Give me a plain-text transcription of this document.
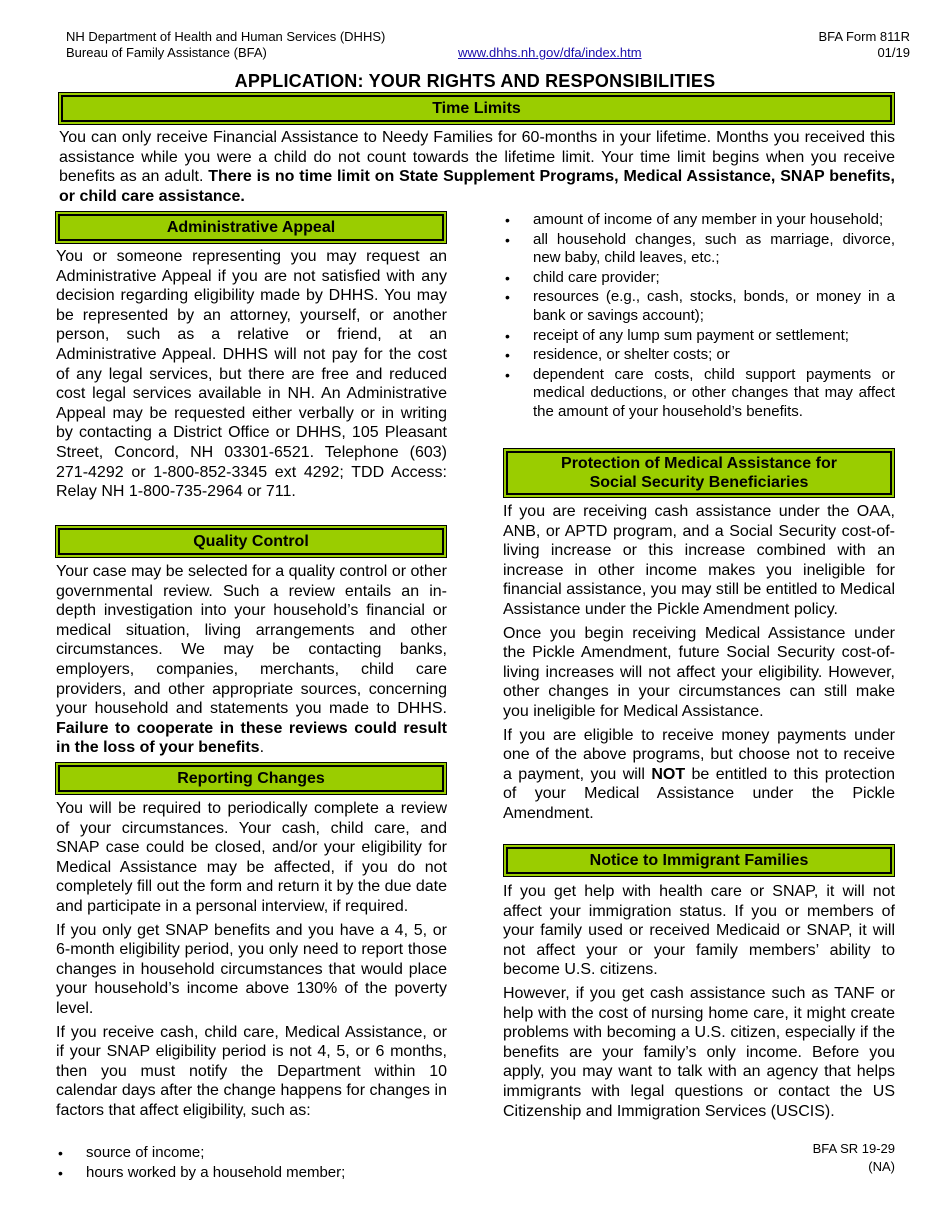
NH Department of Health and Human Services (DHHS)
Bureau of Family Assistance (BFA)	www.dhhs.nh.gov/dfa/index.htm
BFA Form 811R
01/19
APPLICATION: YOUR RIGHTS AND RESPONSIBILITIES
Time Limits
You can only receive Financial Assistance to Needy Families for 60-months in your lifetime. Months you received this assistance while you were a child do not count towards the lifetime limit. Your time limit begins when you receive benefits as an adult. There is no time limit on State Supplement Programs, Medical Assistance, SNAP benefits, or child care assistance.
Administrative Appeal

You or someone representing you may request an Administrative Appeal if you are not satisfied with any decision regarding eligibility made by DHHS. You may be represented by an attorney, yourself, or another person, such as a relative or friend, at an Administrative Appeal. DHHS will not pay for the cost of any legal services, but there are free and reduced cost legal services available in NH. An Administrative Appeal may be requested either verbally or in writing by contacting a District Office or DHHS, 105 Pleasant Street, Concord, NH 03301-6521. Telephone (603) 271-4292 or 1-800-852-3345 ext 4292; TDD Access: Relay NH 1-800-735-2964 or 711.

Quality Control
Your case may be selected for a quality control or other governmental review. Such a review entails an in-depth investigation into your household’s financial or medical situation, living arrangements and other circumstances. We may be contacting banks, employers, companies, merchants, child care providers, and other appropriate sources, concerning your household and statements you made to DHHS. Failure to cooperate in these reviews could result in the loss of your benefits.
Reporting Changes

You will be required to periodically complete a review of your circumstances. Your cash, child care, and SNAP case could be closed, and/or your eligibility for Medical Assistance may be affected, if you do not completely fill out the form and return it by the due date and participate in a personal interview, if required.

If you only get SNAP benefits and you have a 4, 5, or 6-month eligibility period, you only need to report those changes in household circumstances that would place your household’s income above 130% of the poverty level.

If you receive cash, child care, Medical Assistance, or if your SNAP eligibility period is not 4, 5, or 6 months, then you must notify the Department within 10 calendar days after the change happens for changes in factors that affect eligibility, such as:

• source of income;
• hours worked by a household member;
• amount of income of any member in your household;
• all household changes, such as marriage, divorce, new baby, child leaves, etc.;
• child care provider;
• resources (e.g., cash, stocks, bonds, or money in a bank or savings account);
• receipt of any lump sum payment or settlement;
• residence, or shelter costs; or
• dependent care costs, child support payments or medical deductions, or other changes that may affect the amount of your household’s benefits.
Protection of Medical Assistance for
Social Security Beneficiaries

If you are receiving cash assistance under the OAA, ANB, or APTD program, and a Social Security cost-of-living increase or this increase combined with an increase in other income makes you ineligible for financial assistance, you may still be entitled to Medical Assistance under the Pickle Amendment policy.

Once you begin receiving Medical Assistance under the Pickle Amendment, future Social Security cost-of-living increases will not affect your eligibility. However, other changes in your circumstances can still make you ineligible for Medical Assistance.

If you are eligible to receive money payments under one of the above programs, but choose not to receive a payment, you will NOT be entitled to this protection of your Medical Assistance under the Pickle Amendment.

Notice to Immigrant Families

If you get help with health care or SNAP, it will not affect your immigration status. If you or members of your family used or received Medicaid or SNAP, it will not affect your or your family members’ ability to become U.S. citizens.

However, if you get cash assistance such as TANF or help with the cost of nursing home care, it might create problems with becoming a U.S. citizen, especially if the benefits are your family’s only income. Before you apply, you may want to talk with an agency that helps immigrants with legal questions or contact the US Citizenship and Immigration Services (USCIS).

BFA SR 19-29
(NA)
